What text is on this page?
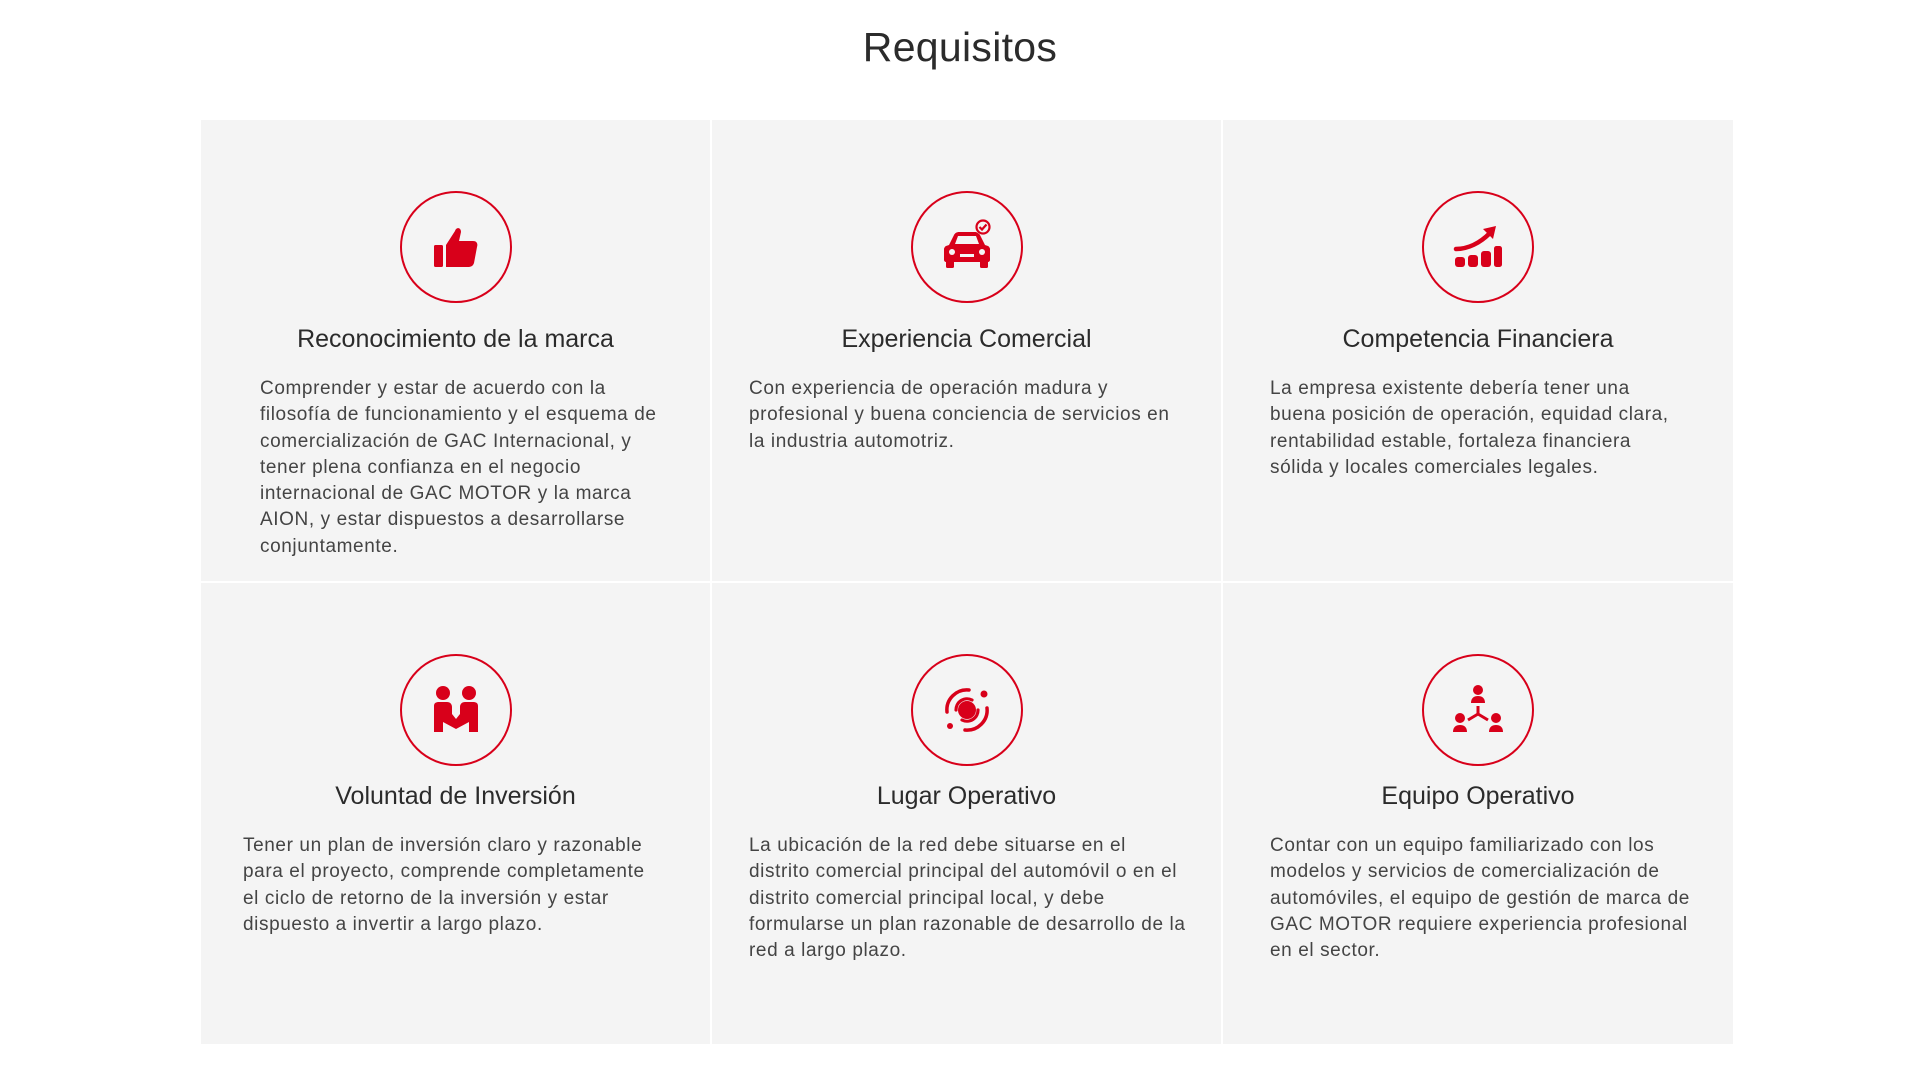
Requisitos
Reconocimiento de la marca

Comprender y estar de acuerdo con la filosofía de funcionamiento y el esquema de comercialización de GAC Internacional, y tener plena confianza en el negocio internacional de GAC MOTOR y la marca AION, y estar dispuestos a desarrollarse conjuntamente.

Experiencia Comercial

Con experiencia de operación madura y profesional y buena conciencia de servicios en la industria automotriz.

Competencia Financiera

La empresa existente debería tener una buena posición de operación, equidad clara, rentabilidad estable, fortaleza financiera sólida y locales comerciales legales.

Voluntad de Inversión

Tener un plan de inversión claro y razonable para el proyecto, comprende completamente el ciclo de retorno de la inversión y estar dispuesto a invertir a largo plazo.

Lugar Operativo

La ubicación de la red debe situarse en el distrito comercial principal del automóvil o en el distrito comercial principal local, y debe formularse un plan razonable de desarrollo de la red a largo plazo.

Equipo Operativo

Contar con un equipo familiarizado con los modelos y servicios de comercialización de automóviles, el equipo de gestión de marca de GAC MOTOR requiere experiencia profesional en el sector.
